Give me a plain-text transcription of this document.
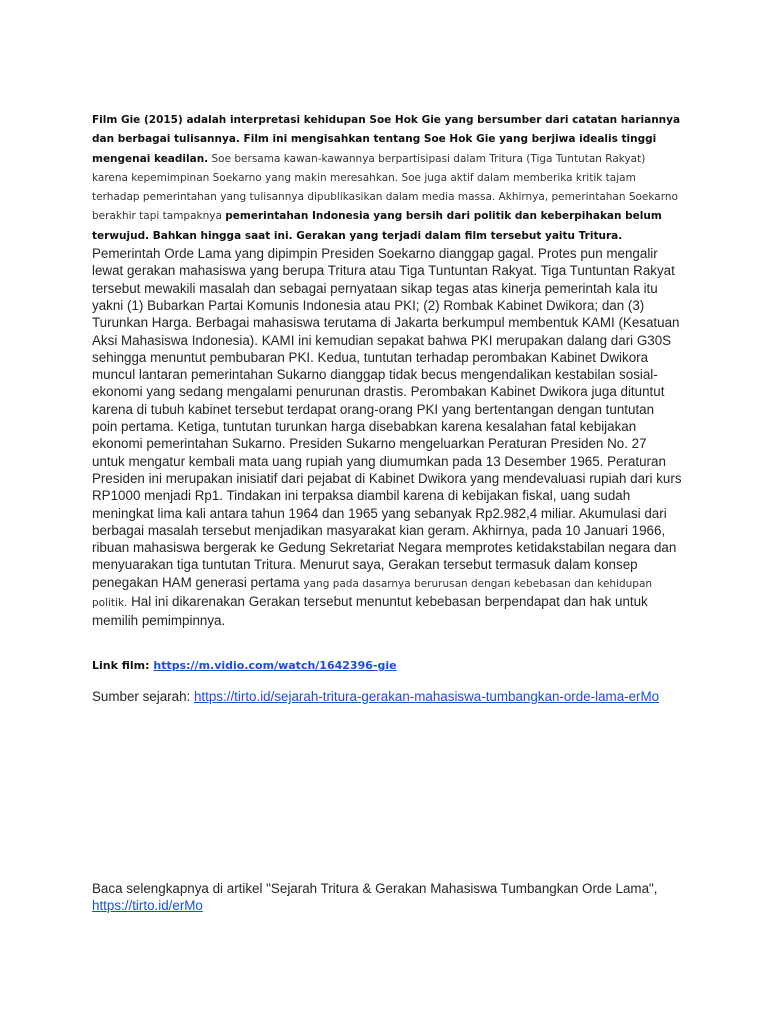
Film Gie (2015) adalah interpretasi kehidupan Soe Hok Gie yang bersumber dari catatan hariannya dan berbagai tulisannya. Film ini mengisahkan tentang Soe Hok Gie yang berjiwa idealis tinggi mengenai keadilan. Soe bersama kawan-kawannya berpartisipasi dalam Tritura (Tiga Tuntutan Rakyat) karena kepemimpinan Soekarno yang makin meresahkan. Soe juga aktif dalam memberika kritik tajam terhadap pemerintahan yang tulisannya dipublikasikan dalam media massa. Akhirnya, pemerintahan Soekarno berakhir tapi tampaknya pemerintahan Indonesia yang bersih dari politik dan keberpihakan belum terwujud. Bahkan hingga saat ini. Gerakan yang terjadi dalam film tersebut yaitu Tritura. Pemerintah Orde Lama yang dipimpin Presiden Soekarno dianggap gagal. Protes pun mengalir lewat gerakan mahasiswa yang berupa Tritura atau Tiga Tuntuntan Rakyat. Tiga Tuntuntan Rakyat tersebut mewakili masalah dan sebagai pernyataan sikap tegas atas kinerja pemerintah kala itu yakni (1) Bubarkan Partai Komunis Indonesia atau PKI; (2) Rombak Kabinet Dwikora; dan (3) Turunkan Harga. Berbagai mahasiswa terutama di Jakarta berkumpul membentuk KAMI (Kesatuan Aksi Mahasiswa Indonesia). KAMI ini kemudian sepakat bahwa PKI merupakan dalang dari G30S sehingga menuntut pembubaran PKI. Kedua, tuntutan terhadap perombakan Kabinet Dwikora muncul lantaran pemerintahan Sukarno dianggap tidak becus mengendalikan kestabilan sosial-ekonomi yang sedang mengalami penurunan drastis. Perombakan Kabinet Dwikora juga dituntut karena di tubuh kabinet tersebut terdapat orang-orang PKI yang bertentangan dengan tuntutan poin pertama. Ketiga, tuntutan turunkan harga disebabkan karena kesalahan fatal kebijakan ekonomi pemerintahan Sukarno. Presiden Sukarno mengeluarkan Peraturan Presiden No. 27 untuk mengatur kembali mata uang rupiah yang diumumkan pada 13 Desember 1965. Peraturan Presiden ini merupakan inisiatif dari pejabat di Kabinet Dwikora yang mendevaluasi rupiah dari kurs RP1000 menjadi Rp1. Tindakan ini terpaksa diambil karena di kebijakan fiskal, uang sudah meningkat lima kali antara tahun 1964 dan 1965 yang sebanyak Rp2.982,4 miliar. Akumulasi dari berbagai masalah tersebut menjadikan masyarakat kian geram. Akhirnya, pada 10 Januari 1966, ribuan mahasiswa bergerak ke Gedung Sekretariat Negara memprotes ketidakstabilan negara dan menyuarakan tiga tuntutan Tritura. Menurut saya, Gerakan tersebut termasuk dalam konsep penegakan HAM generasi pertama yang pada dasarnya berurusan dengan kebebasan dan kehidupan politik. Hal ini dikarenakan Gerakan tersebut menuntut kebebasan berpendapat dan hak untuk memilih pemimpinnya.

Link film: https://m.vidio.com/watch/1642396-gie
Sumber sejarah: https://tirto.id/sejarah-tritura-gerakan-mahasiswa-tumbangkan-orde-lama-erMo
Baca selengkapnya di artikel "Sejarah Tritura & Gerakan Mahasiswa Tumbangkan Orde Lama", https://tirto.id/erMo
